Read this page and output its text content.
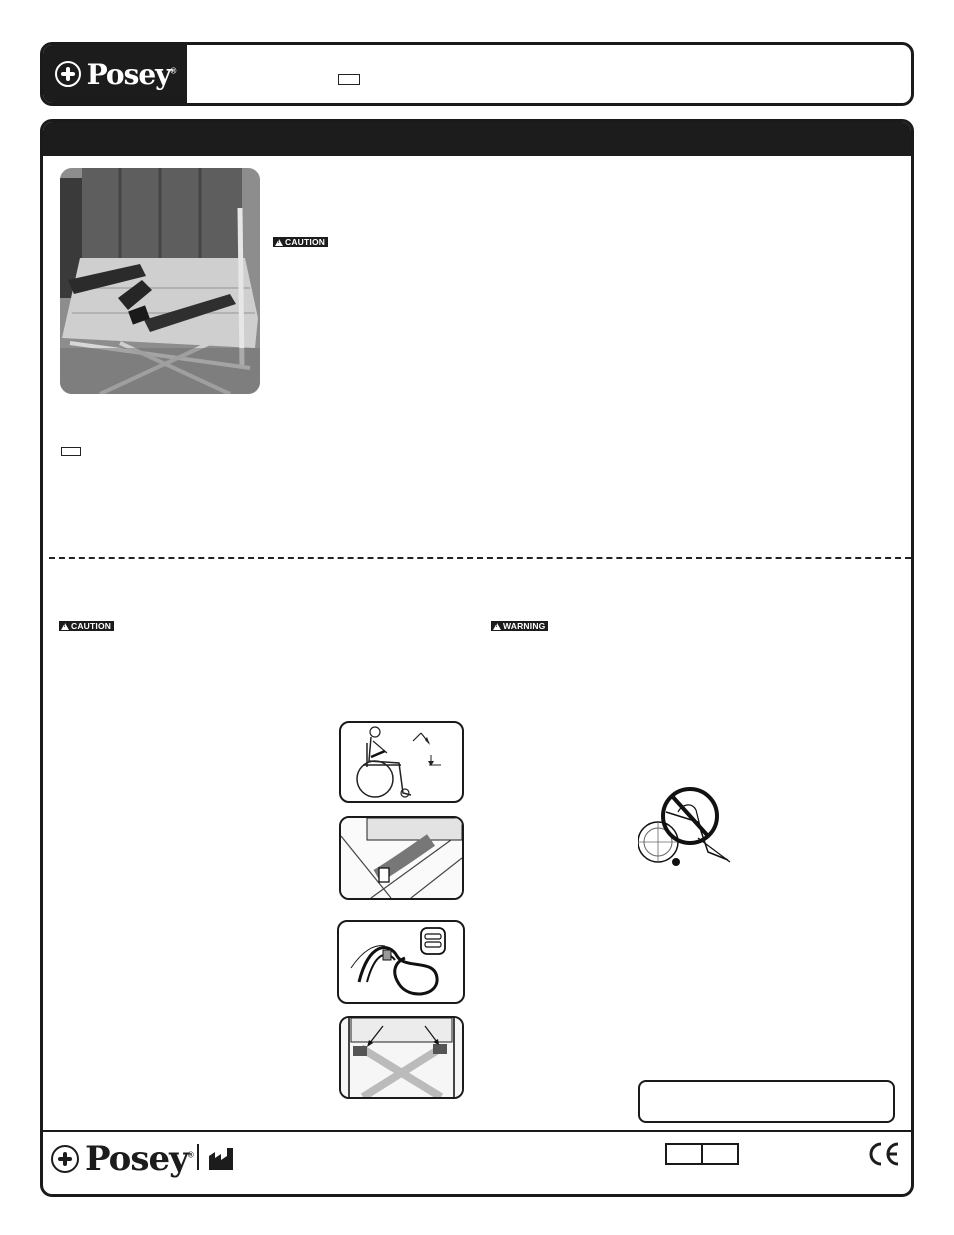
Posey®
!
CAUTION
!
CAUTION
!	WARNING
Posey®
